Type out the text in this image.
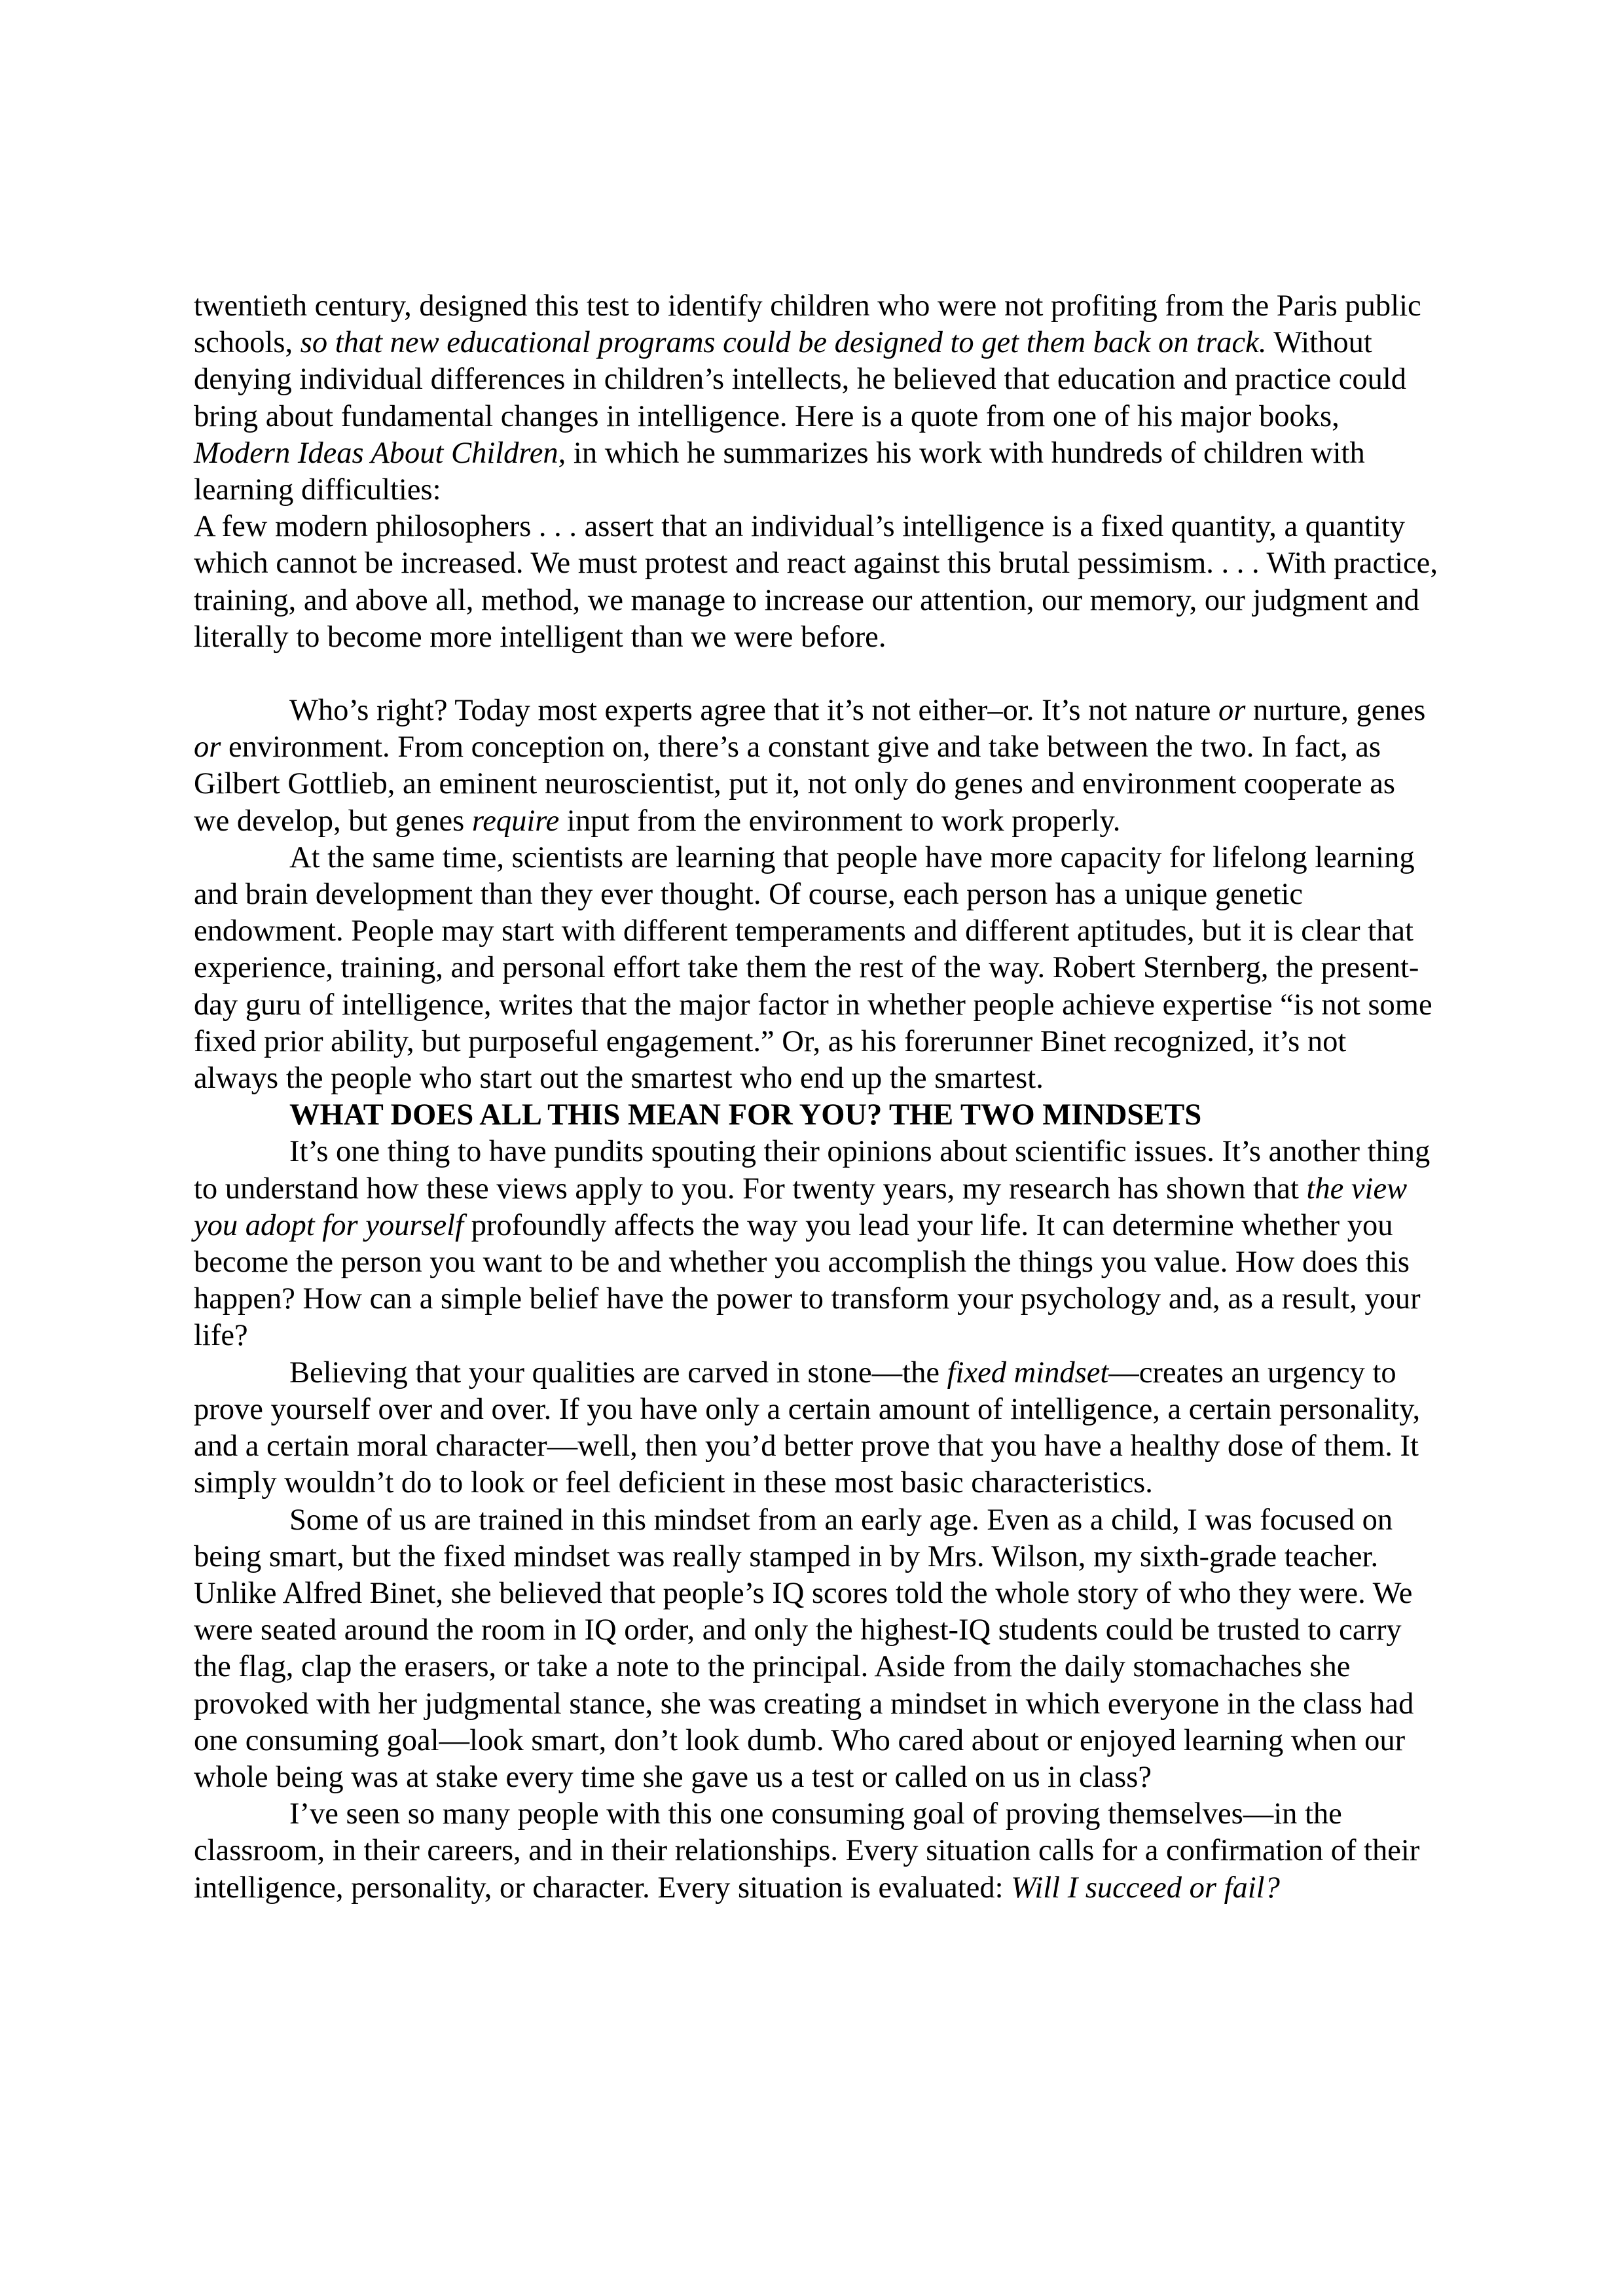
twentieth century, designed this test to identify children who were not profiting from the Paris public schools, so that new educational programs could be designed to get them back on track. Without denying individual differences in children’s intellects, he believed that education and practice could bring about fundamental changes in intelligence. Here is a quote from one of his major books, Modern Ideas About Children, in which he summarizes his work with hundreds of children with learning difficulties:

A few modern philosophers . . . assert that an individual’s intelligence is a fixed quantity, a quantity which cannot be increased. We must protest and react against this brutal pessimism. . . . With practice, training, and above all, method, we manage to increase our attention, our memory, our judgment and literally to become more intelligent than we were before.

Who’s right? Today most experts agree that it’s not either–or. It’s not nature or nurture, genes or environment. From conception on, there’s a constant give and take between the two. In fact, as Gilbert Gottlieb, an eminent neuroscientist, put it, not only do genes and environment cooperate as we develop, but genes require input from the environment to work properly.

At the same time, scientists are learning that people have more capacity for lifelong learning and brain development than they ever thought. Of course, each person has a unique genetic endowment. People may start with different temperaments and different aptitudes, but it is clear that experience, training, and personal effort take them the rest of the way. Robert Sternberg, the present-day guru of intelligence, writes that the major factor in whether people achieve expertise “is not some fixed prior ability, but purposeful engagement.” Or, as his forerunner Binet recognized, it’s not always the people who start out the smartest who end up the smartest.

WHAT DOES ALL THIS MEAN FOR YOU? THE TWO MINDSETS

It’s one thing to have pundits spouting their opinions about scientific issues. It’s another thing to understand how these views apply to you. For twenty years, my research has shown that the view you adopt for yourself profoundly affects the way you lead your life. It can determine whether you become the person you want to be and whether you accomplish the things you value. How does this happen? How can a simple belief have the power to transform your psychology and, as a result, your life?

Believing that your qualities are carved in stone—the fixed mindset—creates an urgency to prove yourself over and over. If you have only a certain amount of intelligence, a certain personality, and a certain moral character—well, then you’d better prove that you have a healthy dose of them. It simply wouldn’t do to look or feel deficient in these most basic characteristics.

Some of us are trained in this mindset from an early age. Even as a child, I was focused on being smart, but the fixed mindset was really stamped in by Mrs. Wilson, my sixth-grade teacher. Unlike Alfred Binet, she believed that people’s IQ scores told the whole story of who they were. We were seated around the room in IQ order, and only the highest-IQ students could be trusted to carry the flag, clap the erasers, or take a note to the principal. Aside from the daily stomachaches she provoked with her judgmental stance, she was creating a mindset in which everyone in the class had one consuming goal—look smart, don’t look dumb. Who cared about or enjoyed learning when our whole being was at stake every time she gave us a test or called on us in class?

I’ve seen so many people with this one consuming goal of proving themselves—in the classroom, in their careers, and in their relationships. Every situation calls for a confirmation of their intelligence, personality, or character. Every situation is evaluated: Will I succeed or fail?
